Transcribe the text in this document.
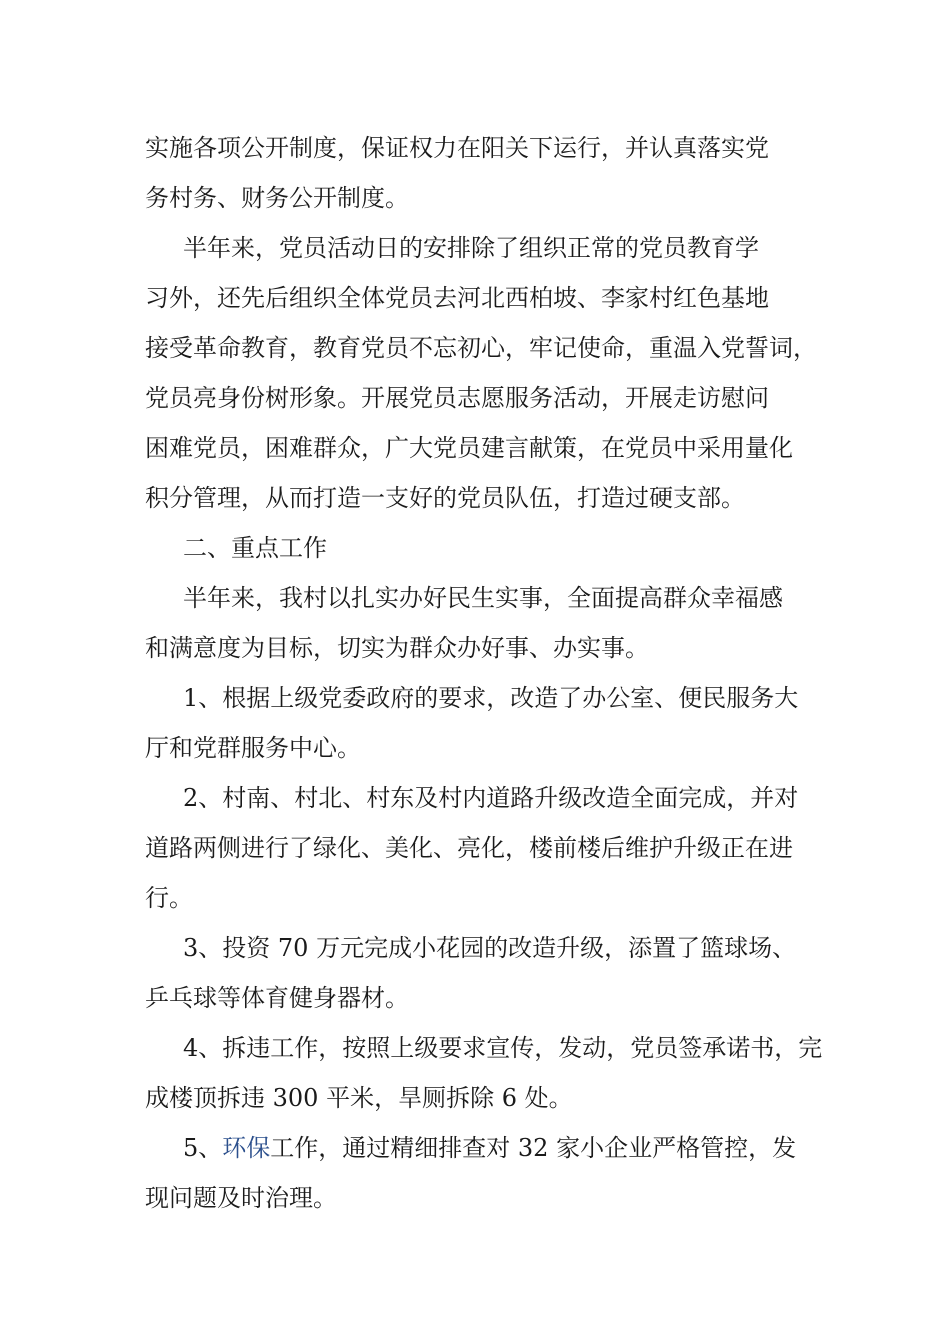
实施各项公开制度，保证权力在阳关下运行，并认真落实党
务村务、财务公开制度。
半年来，党员活动日的安排除了组织正常的党员教育学
习外，还先后组织全体党员去河北西柏坡、李家村红色基地
接受革命教育，教育党员不忘初心，牢记使命，重温入党誓词，
党员亮身份树形象。开展党员志愿服务活动，开展走访慰问
困难党员，困难群众，广大党员建言献策，在党员中采用量化
积分管理，从而打造一支好的党员队伍，打造过硬支部。
二、重点工作
半年来，我村以扎实办好民生实事，全面提高群众幸福感
和满意度为目标，切实为群众办好事、办实事。
1、根据上级党委政府的要求，改造了办公室、便民服务大
厅和党群服务中心。
2、村南、村北、村东及村内道路升级改造全面完成，并对
道路两侧进行了绿化、美化、亮化，楼前楼后维护升级正在进
行。
3、投资 70 万元完成小花园的改造升级，添置了篮球场、
乒乓球等体育健身器材。
4、拆违工作，按照上级要求宣传，发动，党员签承诺书，完
成楼顶拆违 300 平米，旱厕拆除 6 处。
5、环保工作，通过精细排查对 32 家小企业严格管控，发
现问题及时治理。
